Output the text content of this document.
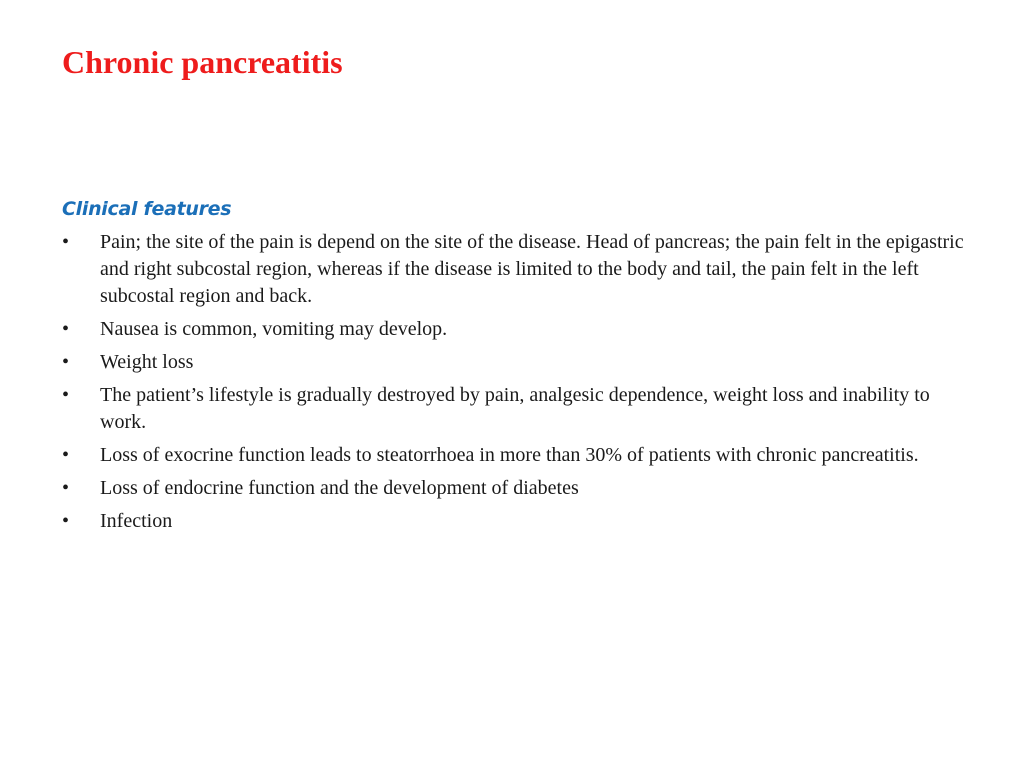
Chronic pancreatitis
Clinical features
•	Pain; the site of the pain is depend on the site of the disease. Head of pancreas; the pain felt in the epigastric and right subcostal region, whereas if the disease is limited to the body and tail, the pain felt in the left subcostal region and back.
•	Nausea is common, vomiting may develop.
•	Weight loss
•	The patient’s lifestyle is gradually destroyed by pain, analgesic dependence, weight loss and inability to work.
•	Loss of exocrine function leads to steatorrhoea in more than 30% of patients with chronic pancreatitis.
•	Loss of endocrine function and the development of diabetes
•	Infection
